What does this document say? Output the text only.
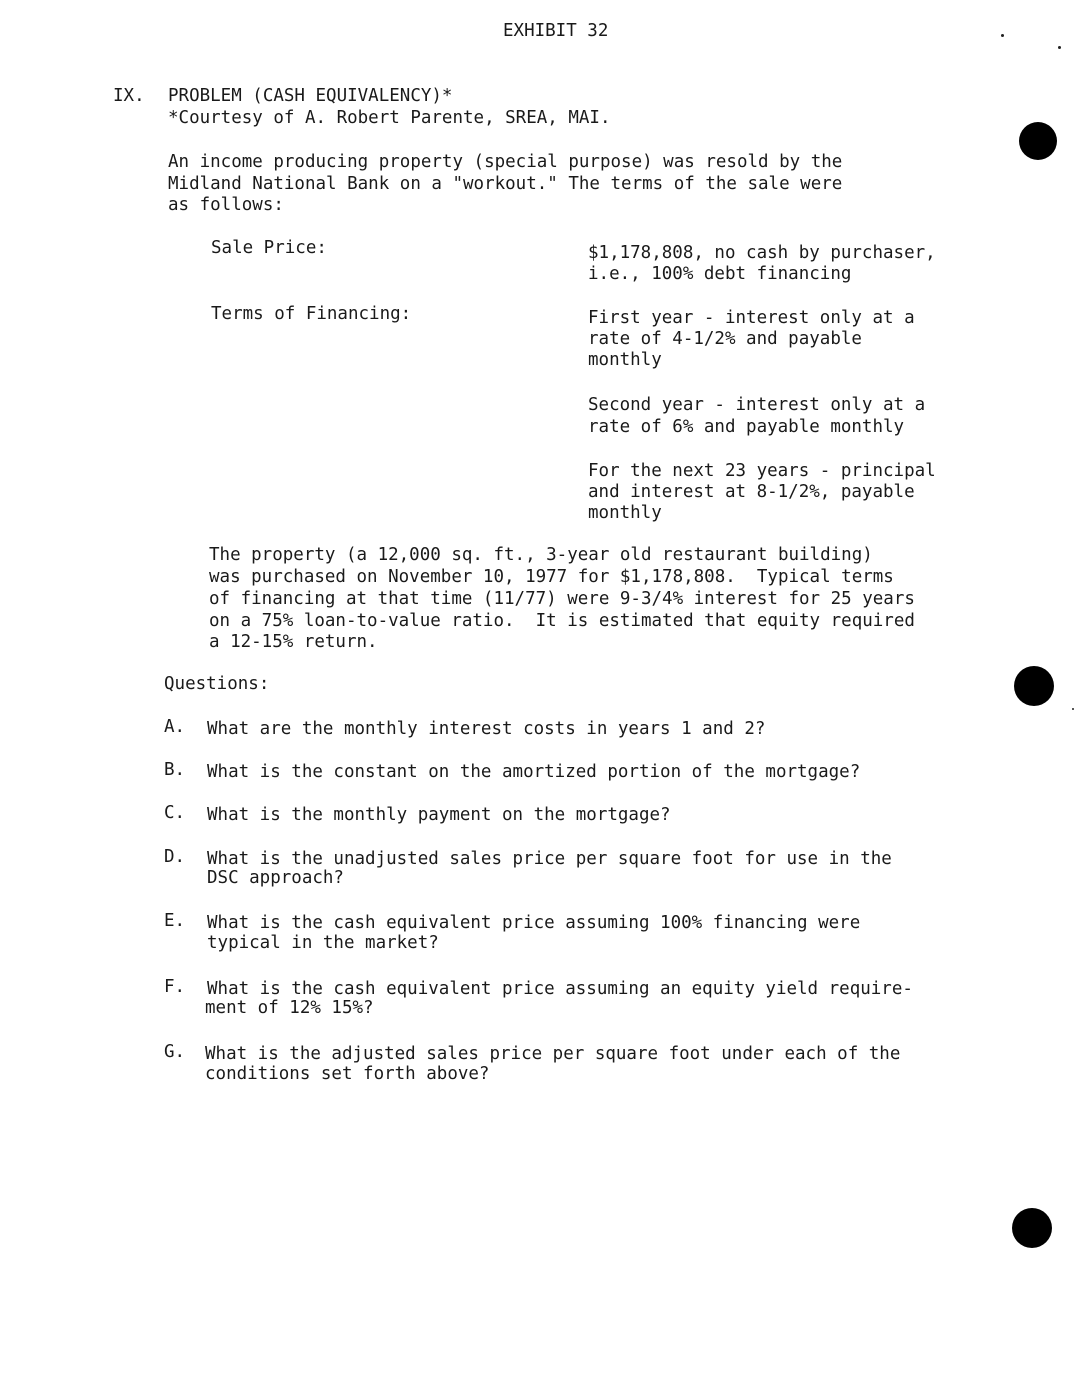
EXHIBIT 32

IX. PROBLEM (CASH EQUIVALENCY)*

*Courtesy of A. Robert Parente, SREA, MAI.

An income producing property (special purpose) was resold by the

Midland National Bank on a "workout." The terms of the sale were

as follows:

Sale Price:	$1,178,808, no cash by purchaser,

i.e., 100% debt financing

Terms of Financing:	First year - interest only at a

rate of 4-1/2% and payable

monthly

Second year - interest only at a

rate of 6% and payable monthly

For the next 23 years - principal

and interest at 8-1/2%, payable

monthly

The property (a 12,000 sq. ft., 3-year old restaurant building)

was purchased on November 10, 1977 for $1,178,808.  Typical terms

of financing at that time (11/77) were 9-3/4% interest for 25 years

on a 75% loan-to-value ratio.  It is estimated that equity required

a 12-15% return.

Questions:

A. What are the monthly interest costs in years 1 and 2?

B. What is the constant on the amortized portion of the mortgage?

C. What is the monthly payment on the mortgage?

D. What is the unadjusted sales price per square foot for use in the

DSC approach?

E. What is the cash equivalent price assuming 100% financing were

typical in the market?

F. What is the cash equivalent price assuming an equity yield require-

ment of 12% 15%?

G. What is the adjusted sales price per square foot under each of the

conditions set forth above?
